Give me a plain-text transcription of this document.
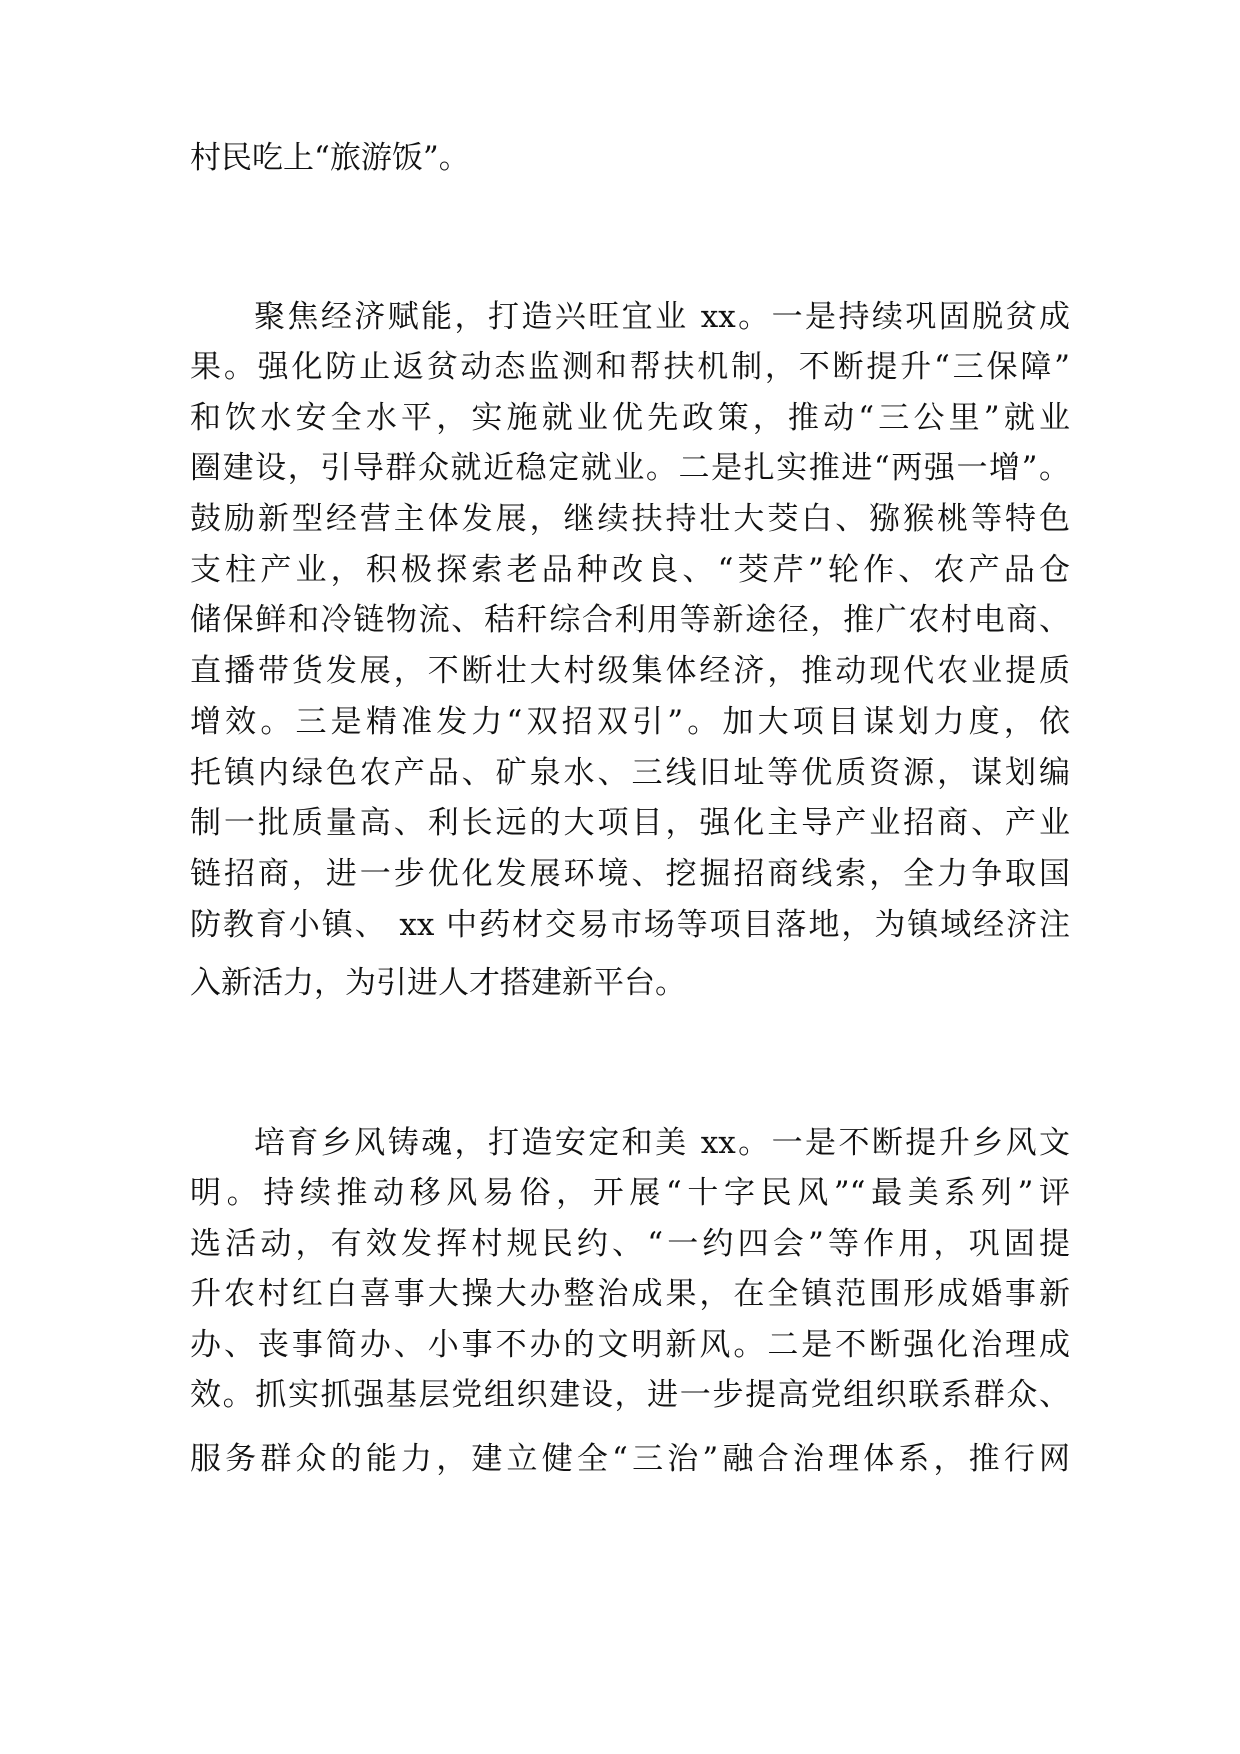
村民吃上“旅游饭”。
聚焦经济赋能，打造兴旺宜业 xx。一是持续巩固脱贫成
果。强化防止返贫动态监测和帮扶机制，不断提升“三保障”
和饮水安全水平，实施就业优先政策，推动“三公里”就业
圈建设，引导群众就近稳定就业。二是扎实推进“两强一增”。
鼓励新型经营主体发展，继续扶持壮大茭白、猕猴桃等特色
支柱产业，积极探索老品种改良、“茭芹”轮作、农产品仓
储保鲜和冷链物流、秸秆综合利用等新途径，推广农村电商、
直播带货发展，不断壮大村级集体经济，推动现代农业提质
增效。三是精准发力“双招双引”。加大项目谋划力度，依
托镇内绿色农产品、矿泉水、三线旧址等优质资源，谋划编
制一批质量高、利长远的大项目，强化主导产业招商、产业
链招商，进一步优化发展环境、挖掘招商线索，全力争取国
防教育小镇、 xx 中药材交易市场等项目落地，为镇域经济注
入新活力，为引进人才搭建新平台。
培育乡风铸魂，打造安定和美 xx。一是不断提升乡风文
明。持续推动移风易俗，开展“十字民风”“最美系列”评
选活动，有效发挥村规民约、“一约四会”等作用，巩固提
升农村红白喜事大操大办整治成果，在全镇范围形成婚事新
办、丧事简办、小事不办的文明新风。二是不断强化治理成
效。抓实抓强基层党组织建设，进一步提高党组织联系群众、
服务群众的能力，建立健全“三治”融合治理体系，推行网
